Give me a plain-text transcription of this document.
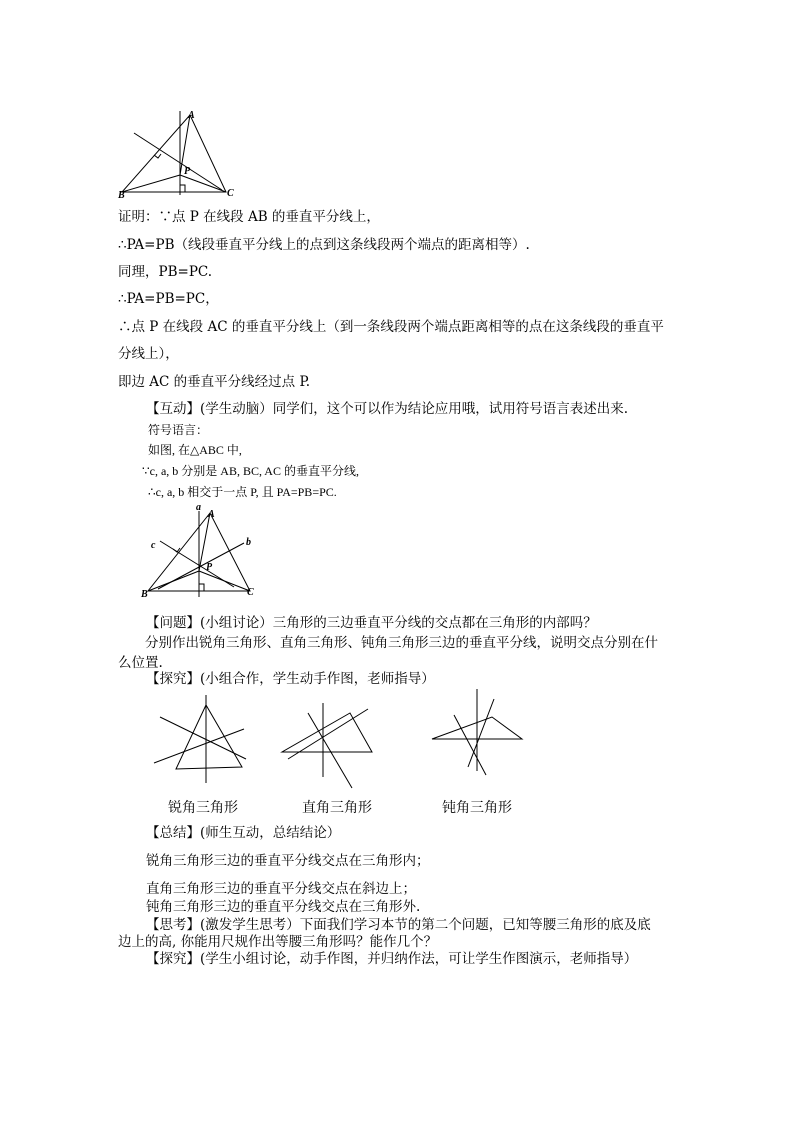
A
B	C
P
证明：∵点 P 在线段 AB 的垂直平分线上，
∴PA=PB（线段垂直平分线上的点到这条线段两个端点的距离相等）.
同理，PB=PC.
∴PA=PB=PC，
∴点 P 在线段 AC 的垂直平分线上（到一条线段两个端点距离相等的点在这条线段的垂直平
分线上），
即边 AC 的垂直平分线经过点 P.
【互动】(学生动脑）同学们，这个可以作为结论应用哦，试用符号语言表述出来.
符号语言：
如图, 在△ABC 中,
∵c, a, b 分别是 AB, BC, AC 的垂直平分线,
∴c, a, b 相交于一点 P, 且 PA=PB=PC.
a
A
b
c
P
B	C
【问题】(小组讨论）三角形的三边垂直平分线的交点都在三角形的内部吗？
分别作出锐角三角形、直角三角形、钝角三角形三边的垂直平分线，说明交点分别在什
么位置.
【探究】(小组合作，学生动手作图，老师指导）
锐角三角形	直角三角形	钝角三角形
【总结】(师生互动，总结结论）
锐角三角形三边的垂直平分线交点在三角形内；
直角三角形三边的垂直平分线交点在斜边上；
钝角三角形三边的垂直平分线交点在三角形外.
【思考】(激发学生思考）下面我们学习本节的第二个问题，已知等腰三角形的底及底
边上的高, 你能用尺规作出等腰三角形吗？能作几个？
【探究】(学生小组讨论，动手作图，并归纳作法，可让学生作图演示，老师指导）
